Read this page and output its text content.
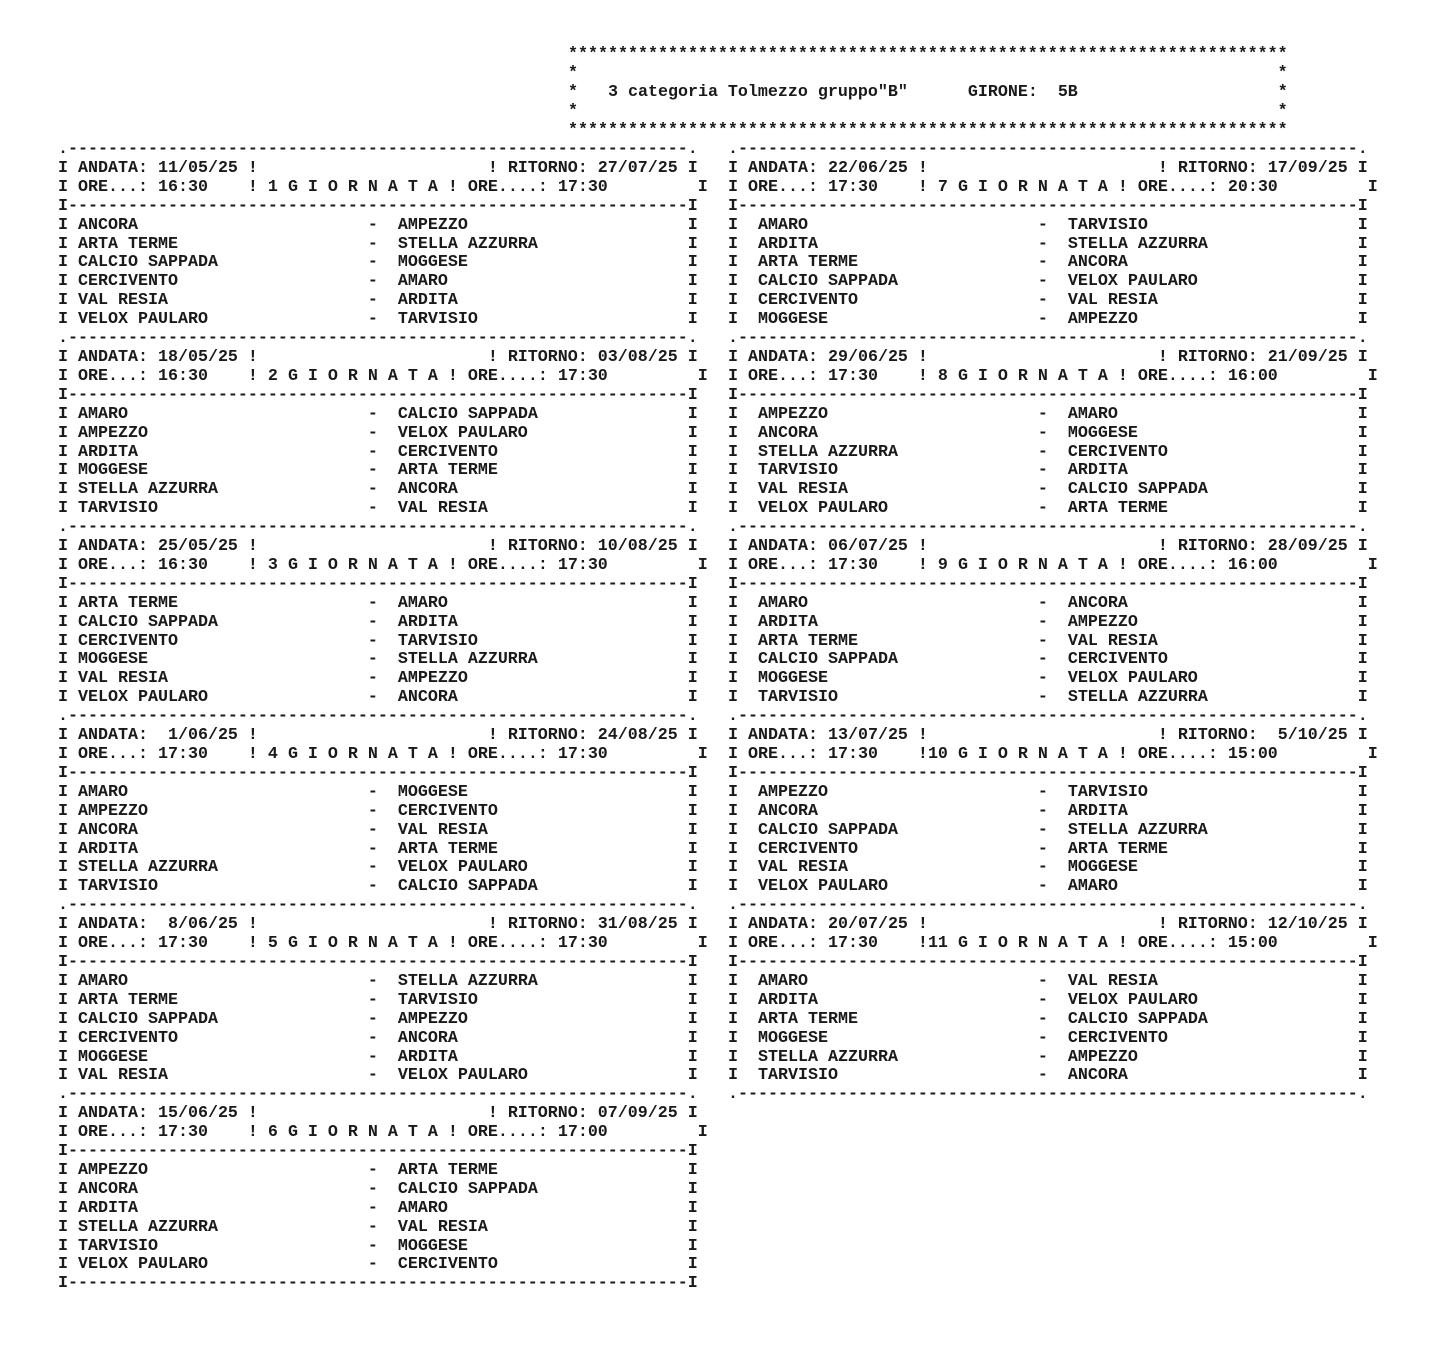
************************************************************************
*                                                                      *
*   3 categoria Tolmezzo gruppo"B"	GIRONE: 5B                    *
*                                                                      *
************************************************************************
.--------------------------------------------------------------.
I ANDATA: 11/05/25 !                       ! RITORNO: 27/07/25 I
I ORE...: 16:30    ! 1 G I O R N A T A ! ORE....: 17:30         I
I--------------------------------------------------------------I
I ANCORA                       -  AMPEZZO                      I
I ARTA TERME                   -  STELLA AZZURRA               I
I CALCIO SAPPADA               -  MOGGESE                      I
I CERCIVENTO                   -  AMARO                        I
I VAL RESIA                    -  ARDITA                       I
I VELOX PAULARO                -  TARVISIO                     I
.--------------------------------------------------------------.
I ANDATA: 18/05/25 !                       ! RITORNO: 03/08/25 I
I ORE...: 16:30    ! 2 G I O R N A T A ! ORE....: 17:30         I
I--------------------------------------------------------------I
I AMARO                        -  CALCIO SAPPADA               I
I AMPEZZO                      -  VELOX PAULARO                I
I ARDITA                       -  CERCIVENTO                   I
I MOGGESE                      -  ARTA TERME                   I
I STELLA AZZURRA               -  ANCORA                       I
I TARVISIO                     -  VAL RESIA                    I
.--------------------------------------------------------------.
I ANDATA: 25/05/25 !                       ! RITORNO: 10/08/25 I
I ORE...: 16:30    ! 3 G I O R N A T A ! ORE....: 17:30         I
I--------------------------------------------------------------I
I ARTA TERME                   -  AMARO                        I
I CALCIO SAPPADA               -  ARDITA                       I
I CERCIVENTO                   -  TARVISIO                     I
I MOGGESE                      -  STELLA AZZURRA               I
I VAL RESIA                    -  AMPEZZO                      I
I VELOX PAULARO                -  ANCORA                       I
.--------------------------------------------------------------.
I ANDATA:  1/06/25 !                       ! RITORNO: 24/08/25 I
I ORE...: 17:30    ! 4 G I O R N A T A ! ORE....: 17:30         I
I--------------------------------------------------------------I
I AMARO                        -  MOGGESE                      I
I AMPEZZO                      -  CERCIVENTO                   I
I ANCORA                       -  VAL RESIA                    I
I ARDITA                       -  ARTA TERME                   I
I STELLA AZZURRA               -  VELOX PAULARO                I
I TARVISIO                     -  CALCIO SAPPADA               I
.--------------------------------------------------------------.
I ANDATA:  8/06/25 !                       ! RITORNO: 31/08/25 I
I ORE...: 17:30    ! 5 G I O R N A T A ! ORE....: 17:30         I
I--------------------------------------------------------------I
I AMARO                        -  STELLA AZZURRA               I
I ARTA TERME                   -  TARVISIO                     I
I CALCIO SAPPADA               -  AMPEZZO                      I
I CERCIVENTO                   -  ANCORA                       I
I MOGGESE                      -  ARDITA                       I
I VAL RESIA                    -  VELOX PAULARO                I
.--------------------------------------------------------------.
I ANDATA: 15/06/25 !                       ! RITORNO: 07/09/25 I
I ORE...: 17:30    ! 6 G I O R N A T A ! ORE....: 17:00         I
I--------------------------------------------------------------I
I AMPEZZO                      -  ARTA TERME                   I
I ANCORA                       -  CALCIO SAPPADA               I
I ARDITA                       -  AMARO                        I
I STELLA AZZURRA               -  VAL RESIA                    I
I TARVISIO                     -  MOGGESE                      I
I VELOX PAULARO                -  CERCIVENTO                   I
I--------------------------------------------------------------I
.--------------------------------------------------------------.
I ANDATA: 22/06/25 !                       ! RITORNO: 17/09/25 I
I ORE...: 17:30    ! 7 G I O R N A T A ! ORE....: 20:30         I
I--------------------------------------------------------------I
I  AMARO                       -  TARVISIO                     I
I  ARDITA                      -  STELLA AZZURRA               I
I  ARTA TERME                  -  ANCORA                       I
I  CALCIO SAPPADA              -  VELOX PAULARO                I
I  CERCIVENTO                  -  VAL RESIA                    I
I  MOGGESE                     -  AMPEZZO                      I
.--------------------------------------------------------------.
I ANDATA: 29/06/25 !                       ! RITORNO: 21/09/25 I
I ORE...: 17:30    ! 8 G I O R N A T A ! ORE....: 16:00         I
I--------------------------------------------------------------I
I  AMPEZZO                     -  AMARO                        I
I  ANCORA                      -  MOGGESE                      I
I  STELLA AZZURRA              -  CERCIVENTO                   I
I  TARVISIO                    -  ARDITA                       I
I  VAL RESIA                   -  CALCIO SAPPADA               I
I  VELOX PAULARO               -  ARTA TERME                   I
.--------------------------------------------------------------.
I ANDATA: 06/07/25 !                       ! RITORNO: 28/09/25 I
I ORE...: 17:30    ! 9 G I O R N A T A ! ORE....: 16:00         I
I--------------------------------------------------------------I
I  AMARO                       -  ANCORA                       I
I  ARDITA                      -  AMPEZZO                      I
I  ARTA TERME                  -  VAL RESIA                    I
I  CALCIO SAPPADA              -  CERCIVENTO                   I
I  MOGGESE                     -  VELOX PAULARO                I
I  TARVISIO                    -  STELLA AZZURRA               I
.--------------------------------------------------------------.
I ANDATA: 13/07/25 !                       ! RITORNO:  5/10/25 I
I ORE...: 17:30    !10 G I O R N A T A ! ORE....: 15:00         I
I--------------------------------------------------------------I
I  AMPEZZO                     -  TARVISIO                     I
I  ANCORA                      -  ARDITA                       I
I  CALCIO SAPPADA              -  STELLA AZZURRA               I
I  CERCIVENTO                  -  ARTA TERME                   I
I  VAL RESIA                   -  MOGGESE                      I
I  VELOX PAULARO               -  AMARO                        I
.--------------------------------------------------------------.
I ANDATA: 20/07/25 !                       ! RITORNO: 12/10/25 I
I ORE...: 17:30    !11 G I O R N A T A ! ORE....: 15:00         I
I--------------------------------------------------------------I
I  AMARO                       -  VAL RESIA                    I
I  ARDITA                      -  VELOX PAULARO                I
I  ARTA TERME                  -  CALCIO SAPPADA               I
I  MOGGESE                     -  CERCIVENTO                   I
I  STELLA AZZURRA              -  AMPEZZO                      I
I  TARVISIO                    -  ANCORA                       I
.--------------------------------------------------------------.
